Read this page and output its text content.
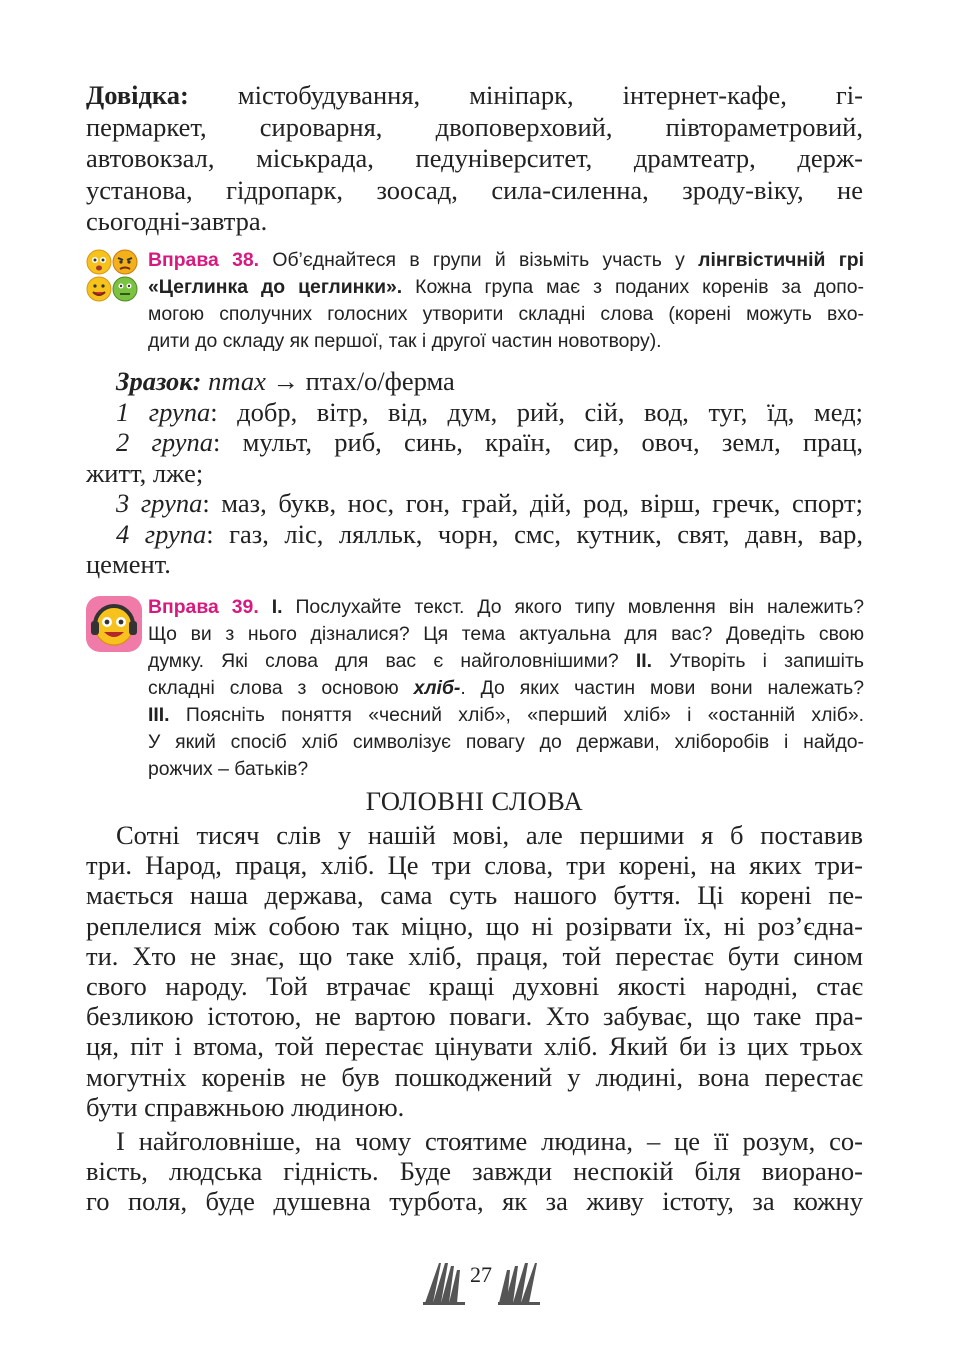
Довідка: містобудування, мініпарк, інтернет-кафе, гі-
пермаркет, сироварня, двоповерховий, півтораметровий,
автовокзал, міськрада, педуніверситет, драмтеатр, держ-
установа, гідропарк, зоосад, сила-силенна, зроду-віку, не
сьогодні-завтра.
Вправа 38. Об’єднайтеся в групи й візьміть участь у лінгвістичній грі
«Цеглинка до цеглинки». Кожна група має з поданих коренів за допо-
могою сполучних голосних утворити складні слова (корені можуть вхо-
дити до складу як першої, так і другої частин новотвору).
Зразок: птах → птах/о/ферма
1 група: добр, вітр, від, дум, рий, сій, вод, туг, їд, мед;
2 група: мульт, риб, синь, країн, сир, овоч, земл, прац,
житт, лже;
3 група: маз, букв, нос, гон, грай, дій, род, вірш, гречк, спорт;
4 група: газ, ліс, лялльк, чорн, смс, кутник, свят, давн, вар,
цемент.
Вправа 39. I. Послухайте текст. До якого типу мовлення він належить?
Що ви з нього дізналися? Ця тема актуальна для вас? Доведіть свою
думку. Які слова для вас є найголовнішими? II. Утворіть і запишіть
складні слова з основою хліб-. До яких частин мови вони належать?
III. Поясніть поняття «чесний хліб», «перший хліб» і «останній хліб».
У який спосіб хліб символізує повагу до держави, хліборобів і найдо-
рожчих – батьків?
ГОЛОВНІ СЛОВА
Сотні тисяч слів у нашій мові, але першими я б поставив
три. Народ, праця, хліб. Це три слова, три корені, на яких три-
мається наша держава, сама суть нашого буття. Ці корені пе-
реплелися між собою так міцно, що ні розірвати їх, ні роз’єдна-
ти. Хто не знає, що таке хліб, праця, той перестає бути сином
свого народу. Той втрачає кращі духовні якості народні, стає
безликою істотою, не вартою поваги. Хто забуває, що таке пра-
ця, піт і втома, той перестає цінувати хліб. Який би із цих трьох
могутніх коренів не був пошкоджений у людині, вона перестає
бути справжньою людиною.
І найголовніше, на чому стоятиме людина, – це її розум, со-
вість, людська гідність. Буде завжди неспокій біля виорано-
го поля, буде душевна турбота, як за живу істоту, за кожну
27
